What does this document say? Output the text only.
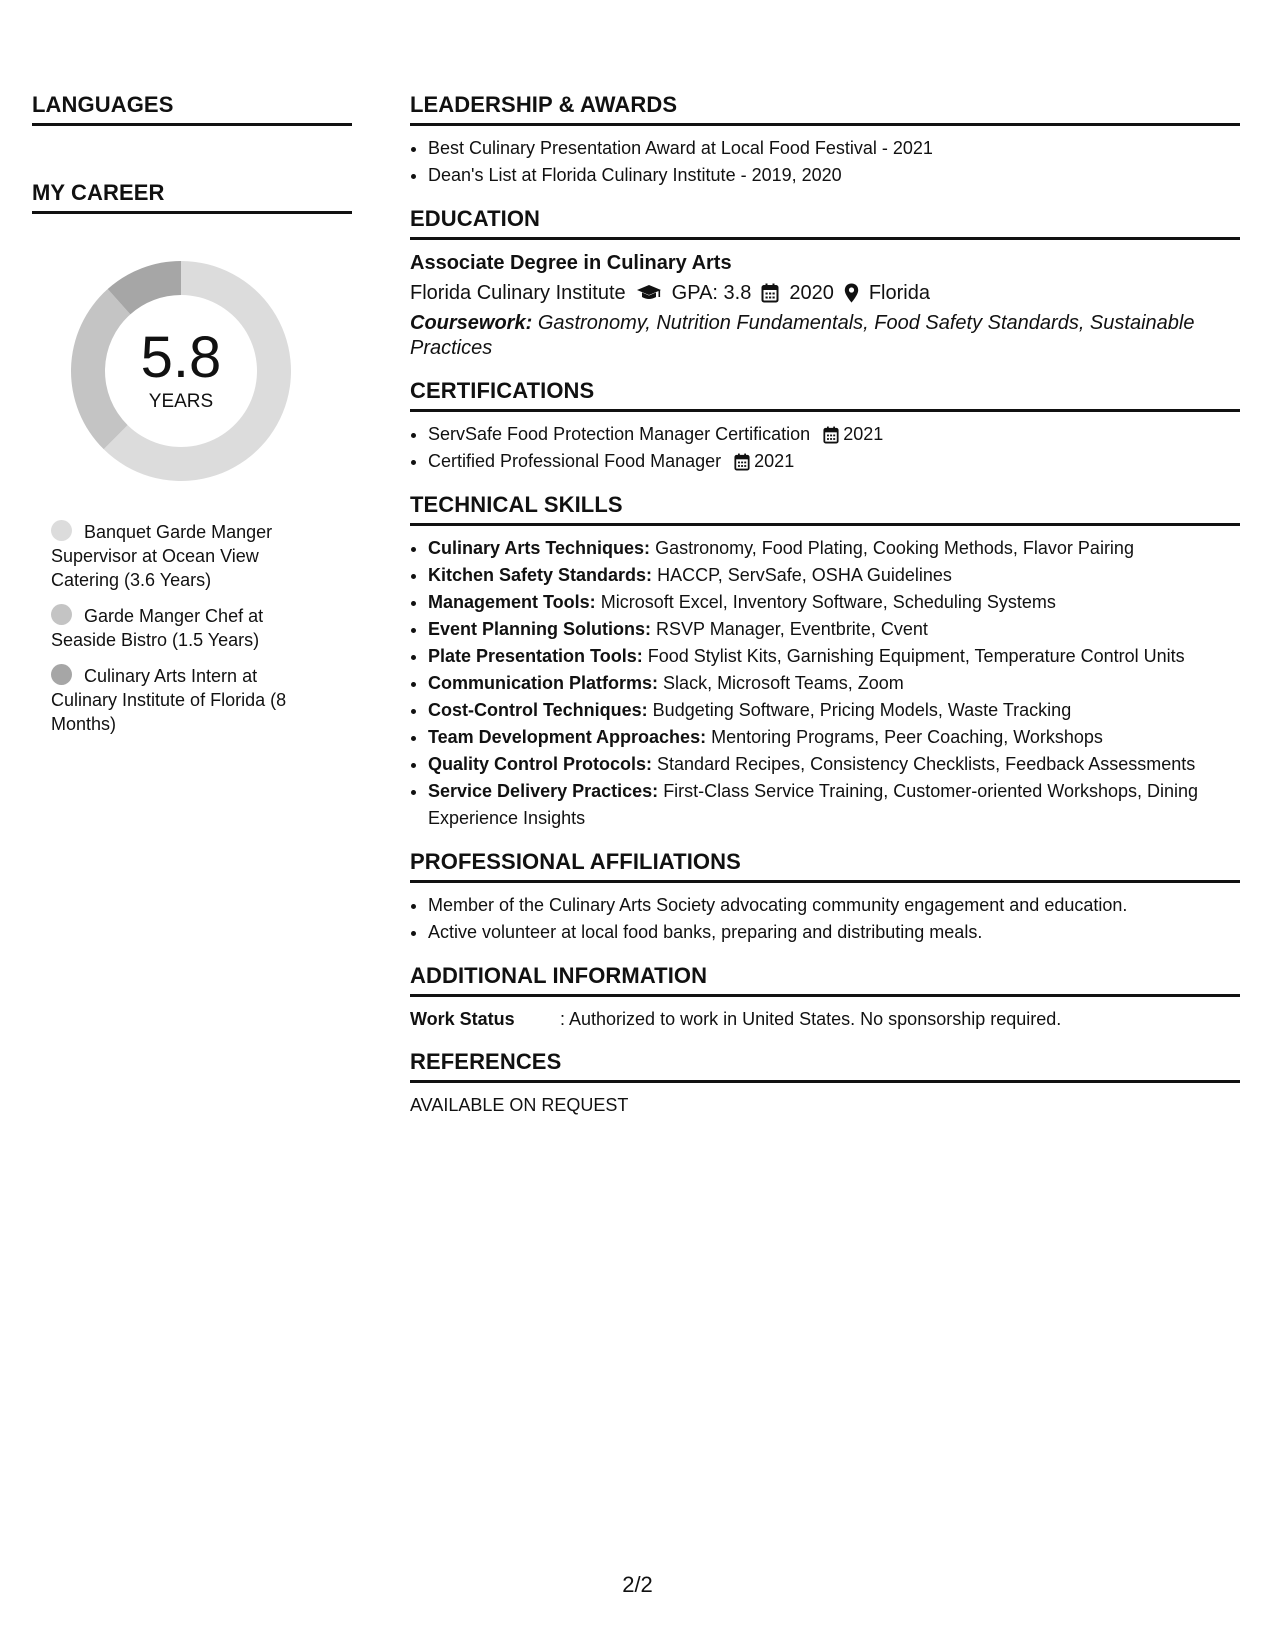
LANGUAGES
MY CAREER
5.8
YEARS
Banquet Garde Manger Supervisor at Ocean View Catering (3.6 Years)
Garde Manger Chef at Seaside Bistro (1.5 Years)
Culinary Arts Intern at Culinary Institute of Florida (8 Months)
LEADERSHIP & AWARDS
• Best Culinary Presentation Award at Local Food Festival - 2021
• Dean's List at Florida Culinary Institute - 2019, 2020
EDUCATION
Associate Degree in Culinary Arts
Florida Culinary Institute GPA: 3.8 2020 Florida
Coursework: Gastronomy, Nutrition Fundamentals, Food Safety Standards, Sustainable Practices
CERTIFICATIONS
• ServSafe Food Protection Manager Certification 2021
• Certified Professional Food Manager 2021
TECHNICAL SKILLS
• Culinary Arts Techniques: Gastronomy, Food Plating, Cooking Methods, Flavor Pairing
• Kitchen Safety Standards: HACCP, ServSafe, OSHA Guidelines
• Management Tools: Microsoft Excel, Inventory Software, Scheduling Systems
• Event Planning Solutions: RSVP Manager, Eventbrite, Cvent
• Plate Presentation Tools: Food Stylist Kits, Garnishing Equipment, Temperature Control Units
• Communication Platforms: Slack, Microsoft Teams, Zoom
• Cost-Control Techniques: Budgeting Software, Pricing Models, Waste Tracking
• Team Development Approaches: Mentoring Programs, Peer Coaching, Workshops
• Quality Control Protocols: Standard Recipes, Consistency Checklists, Feedback Assessments
• Service Delivery Practices: First-Class Service Training, Customer-oriented Workshops, Dining Experience Insights
PROFESSIONAL AFFILIATIONS
• Member of the Culinary Arts Society advocating community engagement and education.
• Active volunteer at local food banks, preparing and distributing meals.
ADDITIONAL INFORMATION
Work Status	: Authorized to work in United States. No sponsorship required.
REFERENCES
AVAILABLE ON REQUEST
2/2
